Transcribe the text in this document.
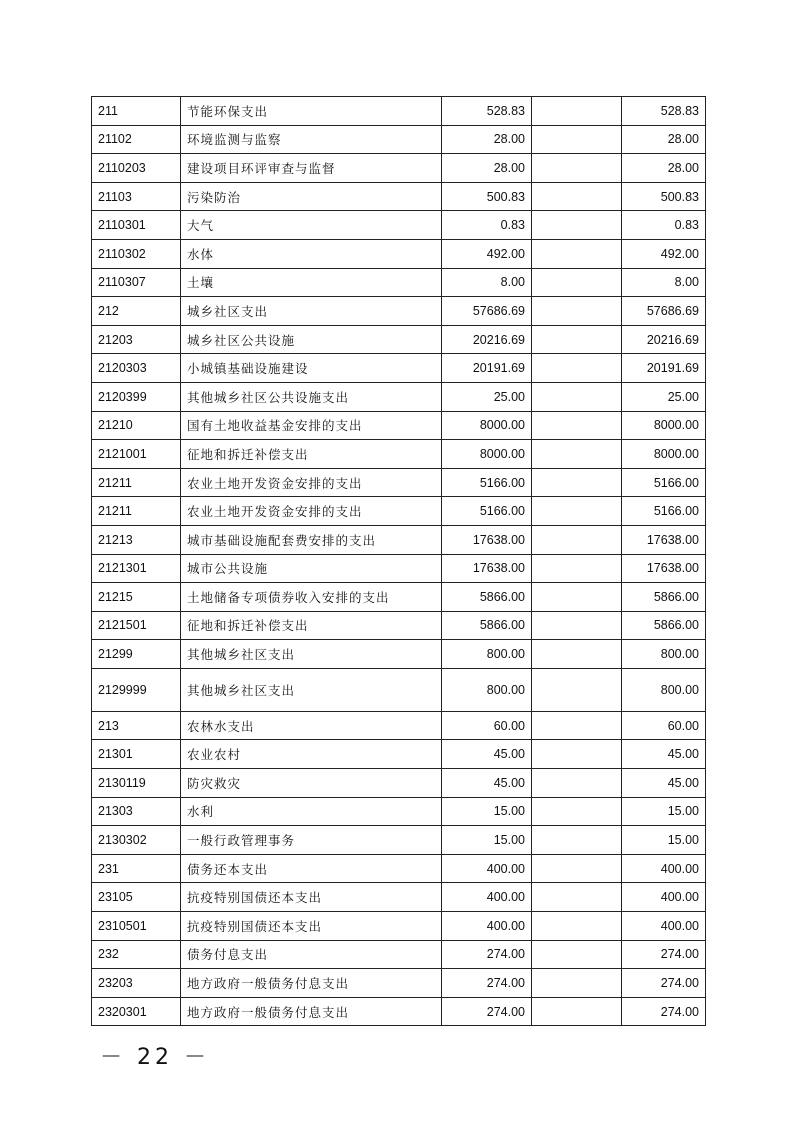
211	节能环保支出	528.83		528.83
21102	环境监测与监察	28.00		28.00
2110203	建设项目环评审查与监督	28.00		28.00
21103	污染防治	500.83		500.83
2110301	大气	0.83		0.83
2110302	水体	492.00		492.00
2110307	土壤	8.00		8.00
212	城乡社区支出	57686.69		57686.69
21203	城乡社区公共设施	20216.69		20216.69
2120303	小城镇基础设施建设	20191.69		20191.69
2120399	其他城乡社区公共设施支出	25.00		25.00
21210	国有土地收益基金安排的支出	8000.00		8000.00
2121001	征地和拆迁补偿支出	8000.00		8000.00
21211	农业土地开发资金安排的支出	5166.00		5166.00
21211	农业土地开发资金安排的支出	5166.00		5166.00
21213	城市基础设施配套费安排的支出	17638.00		17638.00
2121301	城市公共设施	17638.00		17638.00
21215	土地储备专项债券收入安排的支出	5866.00		5866.00
2121501	征地和拆迁补偿支出	5866.00		5866.00
21299	其他城乡社区支出	800.00		800.00
2129999	其他城乡社区支出	800.00		800.00
213	农林水支出	60.00		60.00
21301	农业农村	45.00		45.00
2130119	防灾救灾	45.00		45.00
21303	水利	15.00		15.00
2130302	一般行政管理事务	15.00		15.00
231	债务还本支出	400.00		400.00
23105	抗疫特别国债还本支出	400.00		400.00
2310501	抗疫特别国债还本支出	400.00		400.00
232	债务付息支出	274.00		274.00
23203	地方政府一般债务付息支出	274.00		274.00
2320301	地方政府一般债务付息支出	274.00		274.00
－ 22 －
